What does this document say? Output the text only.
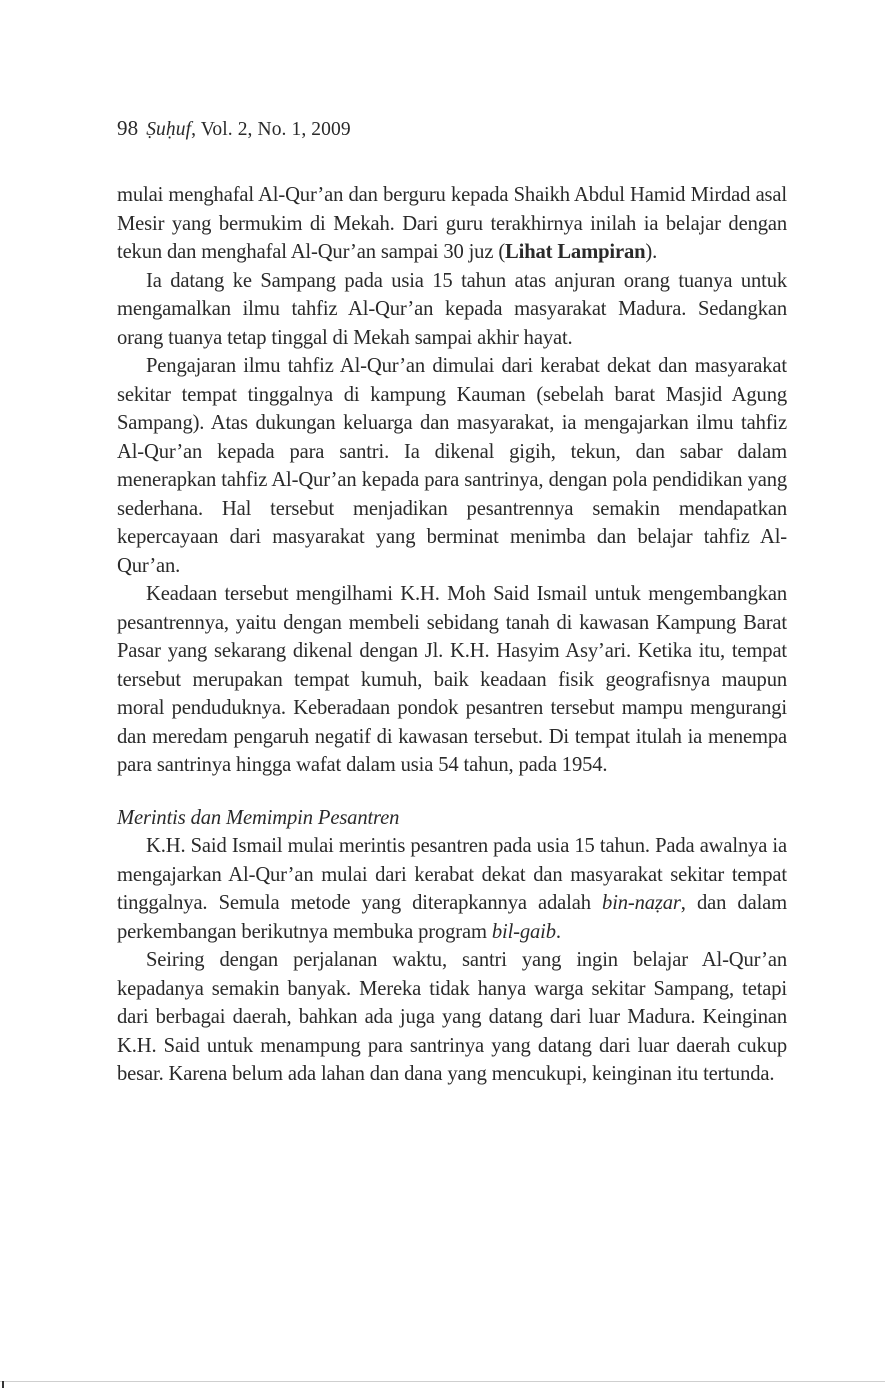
98 Ṣuḥuf, Vol. 2, No. 1, 2009

mulai menghafal Al-Qur’an dan berguru kepada Shaikh Abdul Hamid Mirdad asal Mesir yang bermukim di Mekah. Dari guru terakhirnya inilah ia belajar dengan tekun dan menghafal Al-Qur’an sampai 30 juz (Lihat Lampiran).

Ia datang ke Sampang pada usia 15 tahun atas anjuran orang tuanya untuk mengamalkan ilmu tahfiz Al-Qur’an kepada masyarakat Madura. Sedangkan orang tuanya tetap tinggal di Mekah sampai akhir hayat.

Pengajaran ilmu tahfiz Al-Qur’an dimulai dari kerabat dekat dan masyarakat sekitar tempat tinggalnya di kampung Kauman (sebelah barat Masjid Agung Sampang). Atas dukungan keluarga dan masyarakat, ia mengajarkan ilmu tahfiz Al-Qur’an kepada para santri. Ia dikenal gigih, tekun, dan sabar dalam menerapkan tahfiz Al-Qur’an kepada para santrinya, dengan pola pendidikan yang sederhana. Hal tersebut menjadikan pesantrennya semakin mendapatkan kepercayaan dari masyarakat yang berminat menimba dan belajar tahfiz Al-Qur’an.

Keadaan tersebut mengilhami K.H. Moh Said Ismail untuk mengembangkan pesantrennya, yaitu dengan membeli sebidang tanah di kawasan Kampung Barat Pasar yang sekarang dikenal dengan Jl. K.H. Hasyim Asy’ari. Ketika itu, tempat tersebut merupakan tempat kumuh, baik keadaan fisik geografisnya maupun moral penduduknya. Keberadaan pondok pesantren tersebut mampu mengurangi dan meredam pengaruh negatif di kawasan tersebut. Di tempat itulah ia menempa para santrinya hingga wafat dalam usia 54 tahun, pada 1954.

Merintis dan Memimpin Pesantren

K.H. Said Ismail mulai merintis pesantren pada usia 15 tahun. Pada awalnya ia mengajarkan Al-Qur’an mulai dari kerabat dekat dan masyarakat sekitar tempat tinggalnya. Semula metode yang diterapkannya adalah bin-naẓar, dan dalam perkembangan berikutnya membuka program bil-gaib.

Seiring dengan perjalanan waktu, santri yang ingin belajar Al-Qur’an kepadanya semakin banyak. Mereka tidak hanya warga sekitar Sampang, tetapi dari berbagai daerah, bahkan ada juga yang datang dari luar Madura. Keinginan K.H. Said untuk menampung para santrinya yang datang dari luar daerah cukup besar. Karena belum ada lahan dan dana yang mencukupi, keinginan itu tertunda.
